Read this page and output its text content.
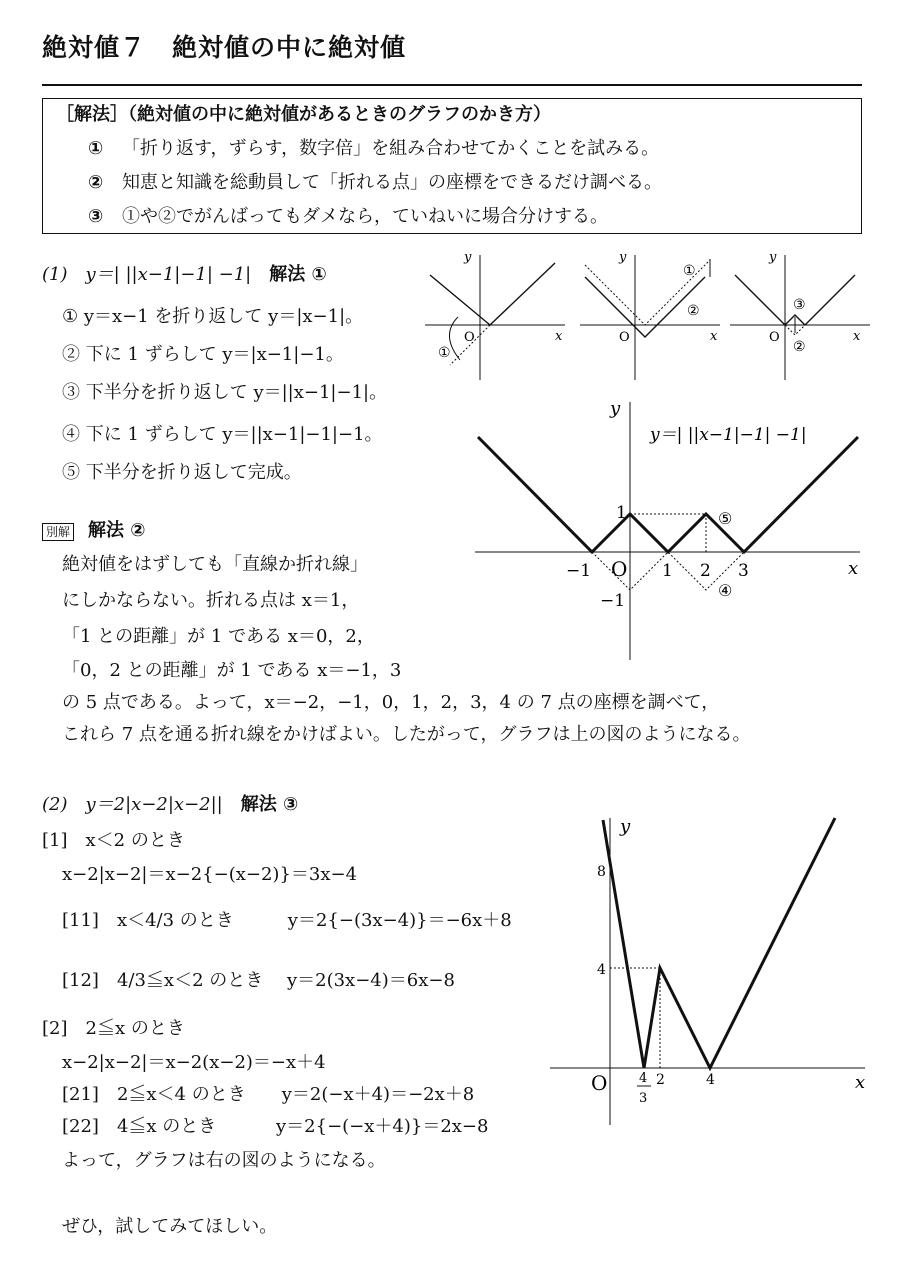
絶対値７　絶対値の中に絶対値
［解法］（絶対値の中に絶対値があるときのグラフのかき方）
① 「折り返す，ずらす，数字倍」を組み合わせてかくことを試みる。
② 知恵と知識を総動員して「折れる点」の座標をできるだけ調べる。
③ ①や②でがんばってもダメなら，ていねいに場合分けする。
(1)　y＝| ||x−1|−1| −1|　解法 ①
① y＝x−1 を折り返して y＝|x−1|。
② 下に 1 ずらして y＝|x−1|−1。
③ 下半分を折り返して y＝||x−1|−1|。
④ 下に 1 ずらして y＝||x−1|−1|−1。
⑤ 下半分を折り返して完成。
別解 解法 ②
絶対値をはずしても「直線か折れ線」
にしかならない。折れる点は x＝1，
「1 との距離」が 1 である x＝0，2，
「0，2 との距離」が 1 である x＝−1，3
の 5 点である。よって，x＝−2，−1，0，1，2，3，4 の 7 点の座標を調べて，
これら 7 点を通る折れ線をかけばよい。したがって，グラフは上の図のようになる。
x
y
O
①
x
y
O
①
②
x
y
O
③
②
y＝| ||x−1|−1| −1|
x
y
O
−1	1 2 3
1
−1
⑤
④
(2)　y＝2|x−2|x−2||　解法 ③
[1]　x＜2 のとき
x−2|x−2|＝x−2{−(x−2)}＝3x−4
[11]　x＜4/3 のとき　　　y＝2{−(3x−4)}＝−6x＋8
[12]　4/3≦x＜2 のとき　 y＝2(3x−4)＝6x−8
[2]　2≦x のとき
x−2|x−2|＝x−2(x−2)＝−x＋4
[21]　2≦x＜4 のとき　　y＝2(−x＋4)＝−2x＋8
[22]　4≦x のとき　　　 y＝2{−(−x＋4)}＝2x−8
よって，グラフは右の図のようになる。
x
y
O
8
4
4
3
2	4
ぜひ，試してみてほしい。
